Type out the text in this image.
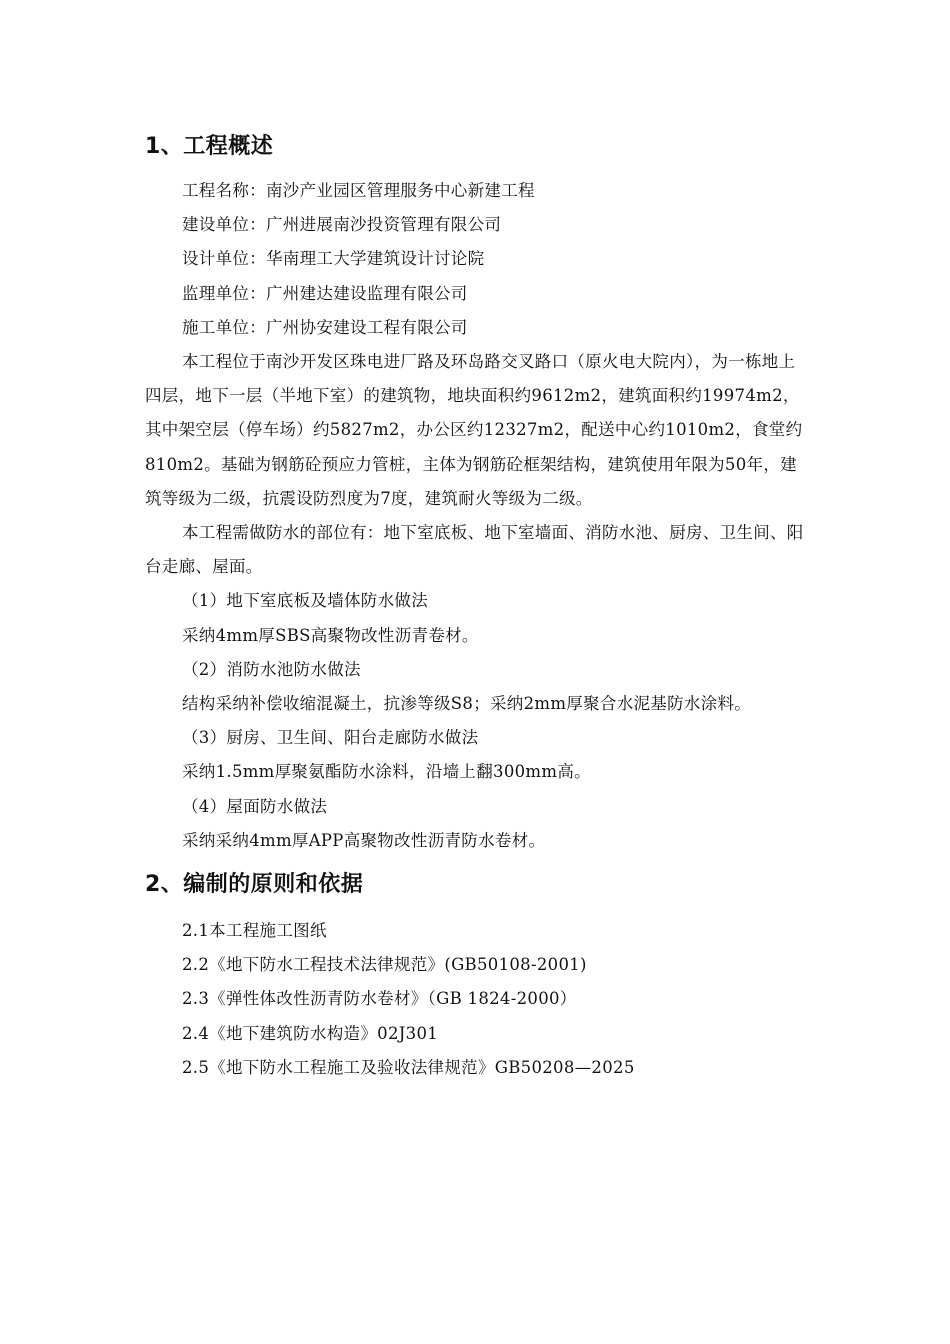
1、工程概述

工程名称：南沙产业园区管理服务中心新建工程

建设单位：广州进展南沙投资管理有限公司

设计单位：华南理工大学建筑设计讨论院

监理单位：广州建达建设监理有限公司

施工单位：广州协安建设工程有限公司

本工程位于南沙开发区珠电进厂路及环岛路交叉路口（原火电大院内），为一栋地上四层，地下一层（半地下室）的建筑物，地块面积约9612m2，建筑面积约19974m2，其中架空层（停车场）约5827m2，办公区约12327m2，配送中心约1010m2，食堂约810m2。基础为钢筋砼预应力管桩，主体为钢筋砼框架结构，建筑使用年限为50年，建筑等级为二级，抗震设防烈度为7度，建筑耐火等级为二级。

本工程需做防水的部位有：地下室底板、地下室墙面、消防水池、厨房、卫生间、阳台走廊、屋面。

（1）地下室底板及墙体防水做法

采纳4mm厚SBS高聚物改性沥青卷材。

（2）消防水池防水做法

结构采纳补偿收缩混凝土，抗渗等级S8；采纳2mm厚聚合水泥基防水涂料。

（3）厨房、卫生间、阳台走廊防水做法

采纳1.5mm厚聚氨酯防水涂料，沿墙上翻300mm高。

（4）屋面防水做法

采纳采纳4mm厚APP高聚物改性沥青防水卷材。

2、编制的原则和依据

2.1本工程施工图纸

2.2《地下防水工程技术法律规范》(GB50108-2001)

2.3《弹性体改性沥青防水卷材》（GB 1824-2000）

2.4《地下建筑防水构造》02J301

2.5《地下防水工程施工及验收法律规范》GB50208—2025
